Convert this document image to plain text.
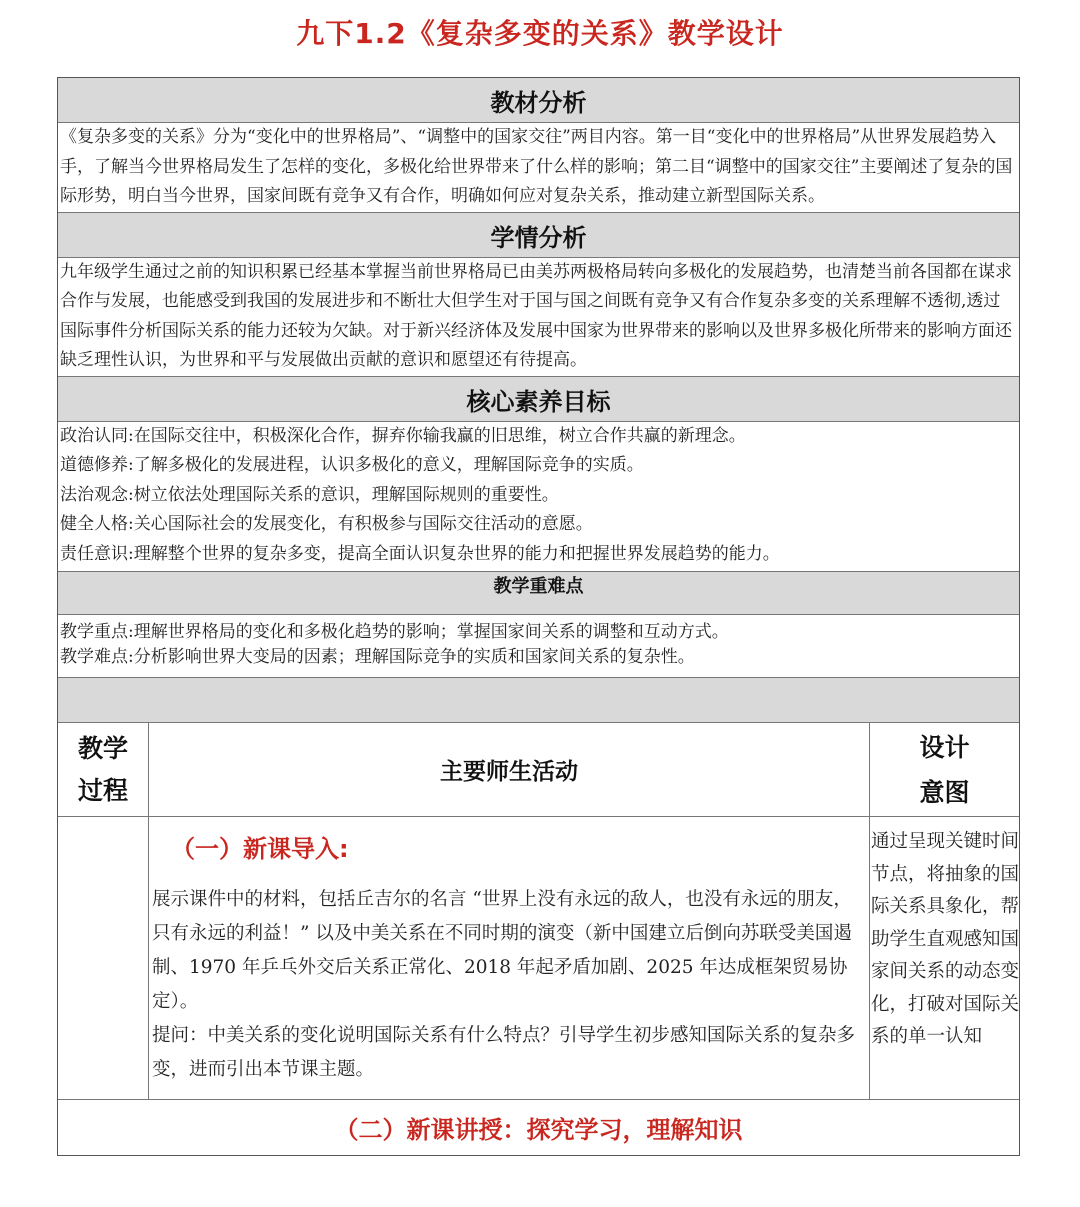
九下1.2《复杂多变的关系》教学设计
教材分析
《复杂多变的关系》分为“变化中的世界格局”、“调整中的国家交往”两目内容。第一目“变化中的世界格局”从世界发展趋势入手，了解当今世界格局发生了怎样的变化，多极化给世界带来了什么样的影响；第二目“调整中的国家交往”主要阐述了复杂的国际形势，明白当今世界，国家间既有竞争又有合作，明确如何应对复杂关系，推动建立新型国际关系。
学情分析
九年级学生通过之前的知识积累已经基本掌握当前世界格局已由美苏两极格局转向多极化的发展趋势，也清楚当前各国都在谋求合作与发展，也能感受到我国的发展进步和不断壮大但学生对于国与国之间既有竞争又有合作复杂多变的关系理解不透彻,透过国际事件分析国际关系的能力还较为欠缺。对于新兴经济体及发展中国家为世界带来的影响以及世界多极化所带来的影响方面还缺乏理性认识，为世界和平与发展做出贡献的意识和愿望还有待提高。
核心素养目标
政治认同:在国际交往中，积极深化合作，摒弃你输我赢的旧思维，树立合作共赢的新理念。
道德修养:了解多极化的发展进程，认识多极化的意义，理解国际竞争的实质。
法治观念:树立依法处理国际关系的意识，理解国际规则的重要性。
健全人格:关心国际社会的发展变化，有积极参与国际交往活动的意愿。
责任意识:理解整个世界的复杂多变，提高全面认识复杂世界的能力和把握世界发展趋势的能力。
教学重难点
教学重点:理解世界格局的变化和多极化趋势的影响；掌握国家间关系的调整和互动方式。
教学难点:分析影响世界大变局的因素；理解国际竞争的实质和国家间关系的复杂性。
教学
过程
主要师生活动
设计
意图
（一）新课导入:
展示课件中的材料，包括丘吉尔的名言 “世界上没有永远的敌人，也没有永远的朋友，只有永远的利益！” 以及中美关系在不同时期的演变（新中国建立后倒向苏联受美国遏制、1970 年乒乓外交后关系正常化、2018 年起矛盾加剧、2025 年达成框架贸易协定）。
提问：中美关系的变化说明国际关系有什么特点？引导学生初步感知国际关系的复杂多变，进而引出本节课主题。
通过呈现关键时间节点，将抽象的国际关系具象化，帮助学生直观感知国家间关系的动态变化，打破对国际关系的单一认知
（二）新课讲授：探究学习，理解知识
